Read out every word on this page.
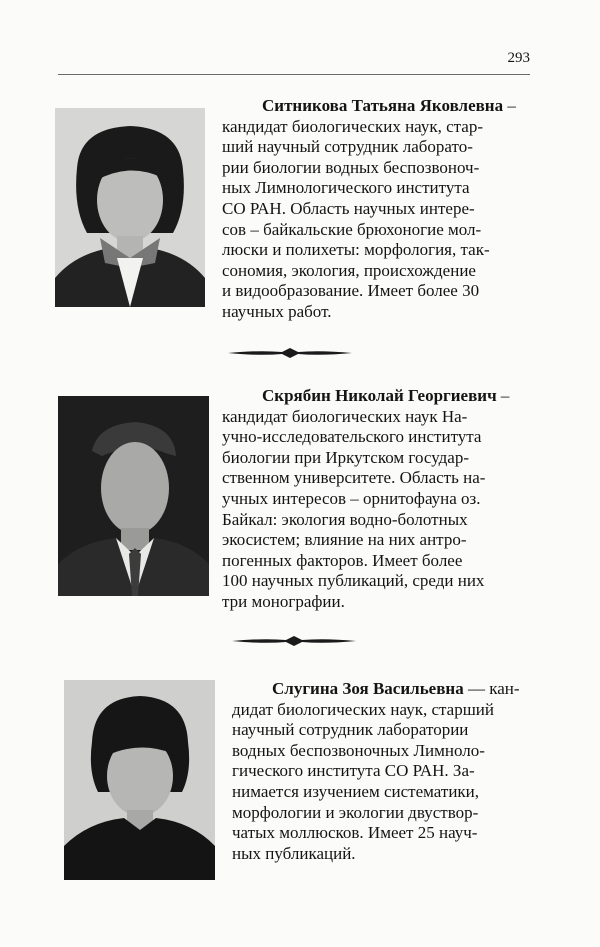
293
Ситникова Татьяна Яковлевна –
кандидат биологических наук, стар-
ший научный сотрудник лаборато-
рии биологии водных беспозвоноч-
ных Лимнологического института
СО РАН. Область научных интере-
сов – байкальские брюхоногие мол-
люски и полихеты: морфология, так-
сономия, экология, происхождение
и видообразование. Имеет более 30
научных работ.
Скрябин Николай Георгиевич –
кандидат биологических наук На-
учно-исследовательского института
биологии при Иркутском государ-
ственном университете. Область на-
учных интересов – орнитофауна оз.
Байкал: экология водно-болотных
экосистем; влияние на них антро-
погенных факторов. Имеет более
100 научных публикаций, среди них
три монографии.
Слугина Зоя Васильевна — кан-
дидат биологических наук, старший
научный сотрудник лаборатории
водных беспозвоночных Лимноло-
гического института СО РАН. За-
нимается изучением систематики,
морфологии и экологии двуствор-
чатых моллюсков. Имеет 25 науч-
ных публикаций.
